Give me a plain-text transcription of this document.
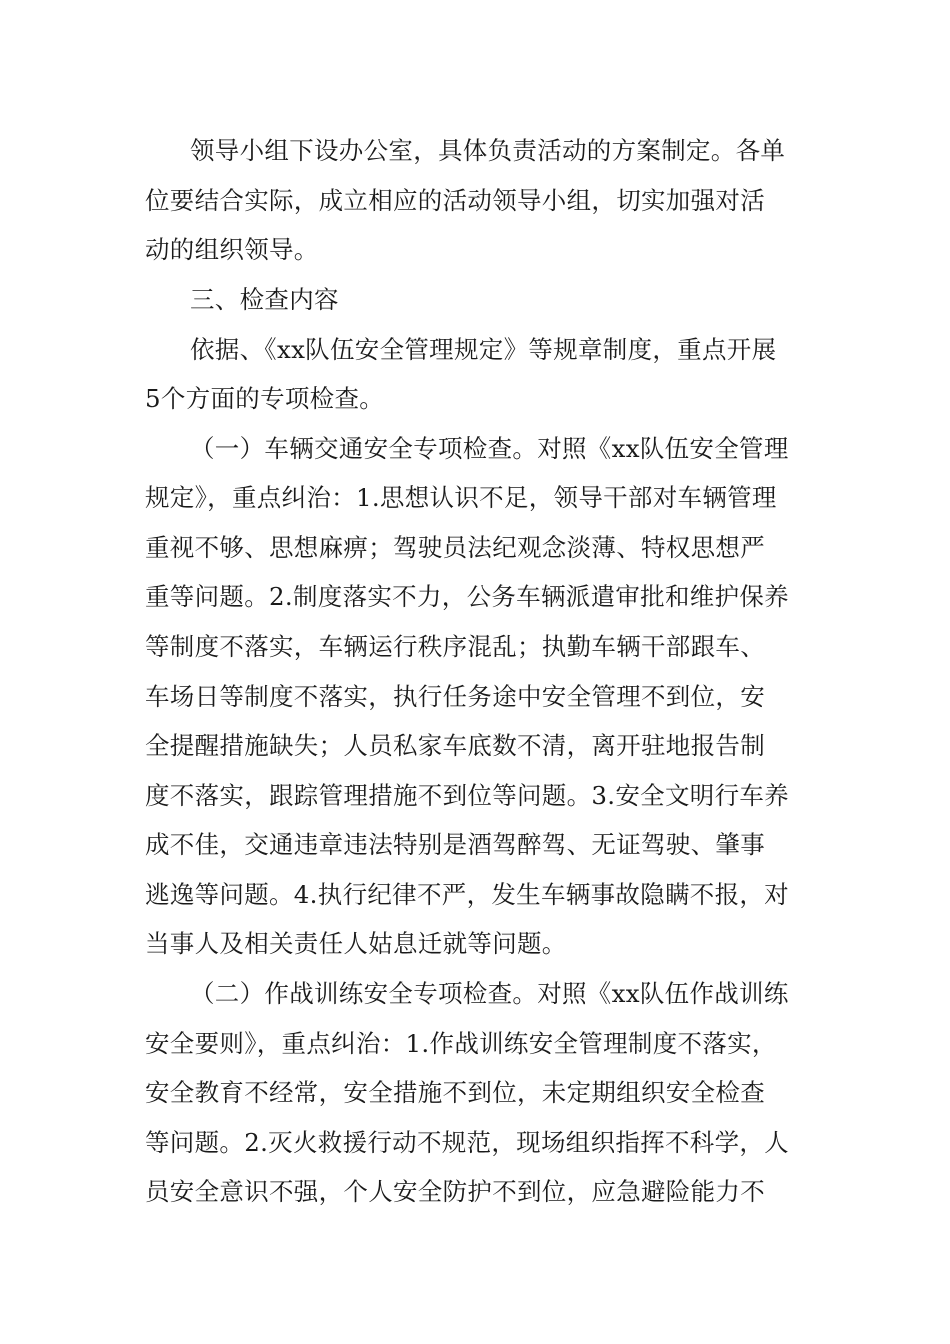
领导小组下设办公室，具体负责活动的方案制定。各单

位要结合实际，成立相应的活动领导小组，切实加强对活

动的组织领导。

三、检查内容

依据、《xx队伍安全管理规定》等规章制度，重点开展

5个方面的专项检查。

（一）车辆交通安全专项检查。对照《xx队伍安全管理

规定》，重点纠治：1.思想认识不足，领导干部对车辆管理

重视不够、思想麻痹；驾驶员法纪观念淡薄、特权思想严

重等问题。2.制度落实不力，公务车辆派遣审批和维护保养

等制度不落实，车辆运行秩序混乱；执勤车辆干部跟车、

车场日等制度不落实，执行任务途中安全管理不到位，安

全提醒措施缺失；人员私家车底数不清，离开驻地报告制

度不落实，跟踪管理措施不到位等问题。3.安全文明行车养

成不佳，交通违章违法特别是酒驾醉驾、无证驾驶、肇事

逃逸等问题。4.执行纪律不严，发生车辆事故隐瞒不报，对

当事人及相关责任人姑息迁就等问题。

（二）作战训练安全专项检查。对照《xx队伍作战训练

安全要则》，重点纠治：1.作战训练安全管理制度不落实，

安全教育不经常，安全措施不到位，未定期组织安全检查

等问题。2.灭火救援行动不规范，现场组织指挥不科学，人

员安全意识不强，个人安全防护不到位，应急避险能力不
